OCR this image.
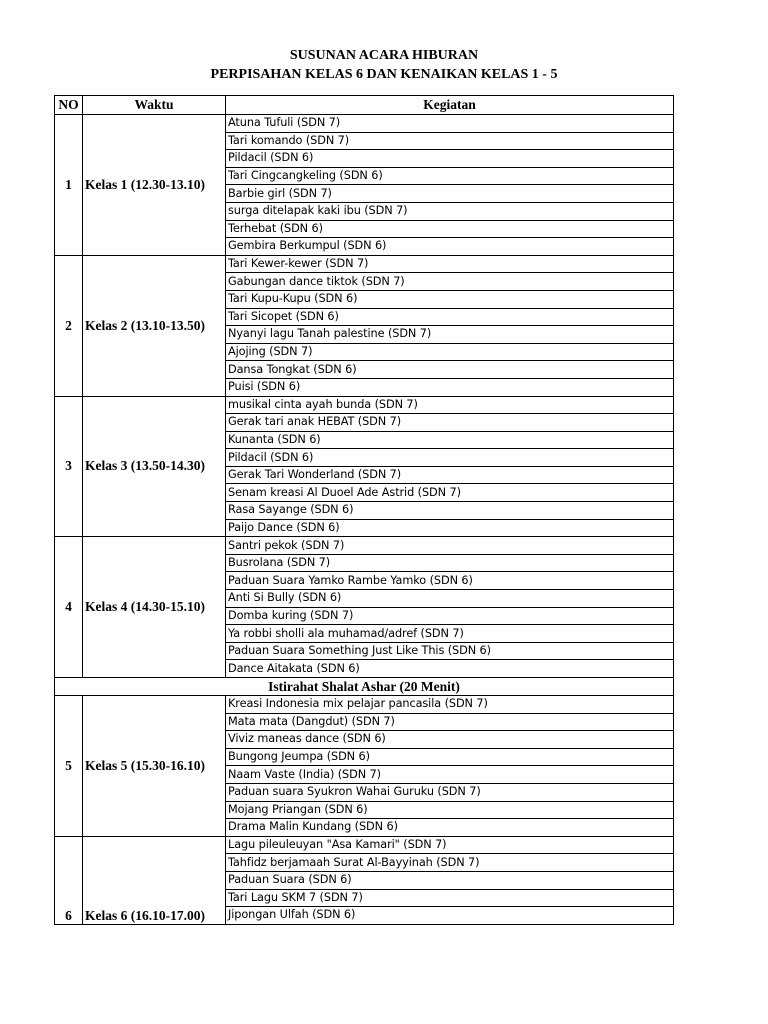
SUSUNAN ACARA HIBURAN
PERPISAHAN KELAS 6 DAN KENAIKAN KELAS 1 - 5
NO	Waktu	Kegiatan
1	Kelas 1 (12.30-13.10)	Atuna Tufuli (SDN 7)
		Tari komando (SDN 7)
		Pildacil (SDN 6)
		Tari Cingcangkeling (SDN 6)
		Barbie girl (SDN 7)
		surga ditelapak kaki ibu (SDN 7)
		Terhebat (SDN 6)
		Gembira Berkumpul (SDN 6)
2	Kelas 2 (13.10-13.50)	Tari Kewer-kewer (SDN 7)
		Gabungan dance tiktok (SDN 7)
		Tari Kupu-Kupu (SDN 6)
		Tari Sicopet (SDN 6)
		Nyanyi lagu Tanah palestine (SDN 7)
		Ajojing (SDN 7)
		Dansa Tongkat (SDN 6)
		Puisi (SDN 6)
3	Kelas 3 (13.50-14.30)	musikal cinta ayah bunda (SDN 7)
		Gerak tari anak HEBAT (SDN 7)
		Kunanta (SDN 6)
		Pildacil (SDN 6)
		Gerak Tari Wonderland (SDN 7)
		Senam kreasi Al Duoel Ade Astrid (SDN 7)
		Rasa Sayange (SDN 6)
		Paijo Dance (SDN 6)
4	Kelas 4 (14.30-15.10)	Santri pekok (SDN 7)
		Busrolana (SDN 7)
		Paduan Suara Yamko Rambe Yamko (SDN 6)
		Anti Si Bully (SDN 6)
		Domba kuring (SDN 7)
		Ya robbi sholli ala muhamad/adref (SDN 7)
		Paduan Suara Something Just Like This (SDN 6)
		Dance Aitakata (SDN 6)
Istirahat Shalat Ashar (20 Menit)		
5	Kelas 5 (15.30-16.10)	Kreasi Indonesia mix pelajar pancasila (SDN 7)
		Mata mata (Dangdut) (SDN 7)
		Viviz maneas dance (SDN 6)
		Bungong Jeumpa (SDN 6)
		Naam Vaste (India) (SDN 7)
		Paduan suara Syukron Wahai Guruku (SDN 7)
		Mojang Priangan (SDN 6)
		Drama Malin Kundang (SDN 6)
6	Kelas 6 (16.10-17.00)	Lagu pileuleuyan "Asa Kamari" (SDN 7)
		Tahfidz berjamaah Surat Al-Bayyinah (SDN 7)
		Paduan Suara (SDN 6)
		Tari Lagu SKM 7 (SDN 7)
		Jipongan Ulfah (SDN 6)
